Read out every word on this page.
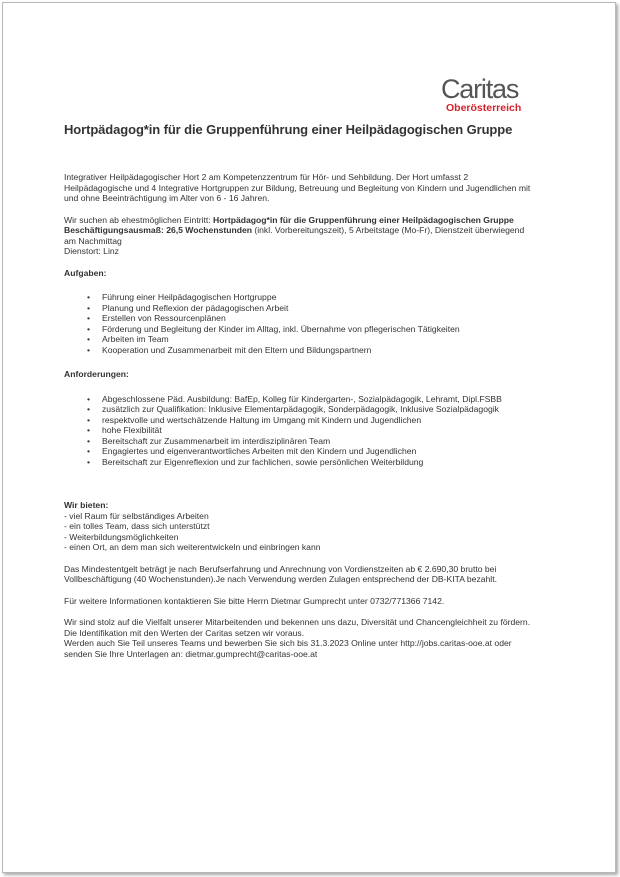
Caritas
Oberösterreich
Hortpädagog*in für die Gruppenführung einer Heilpädagogischen Gruppe

Integrativer Heilpädagogischer Hort 2 am Kompetenzzentrum für Hör- und Sehbildung. Der Hort umfasst 2 Heilpädagogische und 4 Integrative Hortgruppen zur Bildung, Betreuung und Begleitung von Kindern und Jugendlichen mit und ohne Beeinträchtigung im Alter von 6 - 16 Jahren.

Wir suchen ab ehestmöglichen Eintritt: Hortpädagog*in für die Gruppenführung einer Heilpädagogischen Gruppe

Beschäftigungsausmaß: 26,5 Wochenstunden (inkl. Vorbereitungszeit), 5 Arbeitstage (Mo-Fr), Dienstzeit überwiegend am Nachmittag

Dienstort: Linz

Aufgaben:

• Führung einer Heilpädagogischen Hortgruppe
• Planung und Reflexion der pädagogischen Arbeit
• Erstellen von Ressourcenplänen
• Förderung und Begleitung der Kinder im Alltag, inkl. Übernahme von pflegerischen Tätigkeiten
• Arbeiten im Team
• Kooperation und Zusammenarbeit mit den Eltern und Bildungspartnern

Anforderungen:

• Abgeschlossene Päd. Ausbildung: BafEp, Kolleg für Kindergarten-, Sozialpädagogik, Lehramt, Dipl.FSBB
• zusätzlich zur Qualifikation: Inklusive Elementarpädagogik, Sonderpädagogik, Inklusive Sozialpädagogik
• respektvolle und wertschätzende Haltung im Umgang mit Kindern und Jugendlichen
• hohe Flexibilität
• Bereitschaft zur Zusammenarbeit im interdisziplinären Team
• Engagiertes und eigenverantwortliches Arbeiten mit den Kindern und Jugendlichen
• Bereitschaft zur Eigenreflexion und zur fachlichen, sowie persönlichen Weiterbildung

Wir bieten:

- viel Raum für selbständiges Arbeiten

- ein tolles Team, dass sich unterstützt

- Weiterbildungsmöglichkeiten

- einen Ort, an dem man sich weiterentwickeln und einbringen kann

Das Mindestentgelt beträgt je nach Berufserfahrung und Anrechnung von Vordienstzeiten ab € 2.690,30 brutto bei Vollbeschäftigung (40 Wochenstunden).Je nach Verwendung werden Zulagen entsprechend der DB-KITA bezahlt.

Für weitere Informationen kontaktieren Sie bitte Herrn Dietmar Gumprecht unter 0732/771366 7142.

Wir sind stolz auf die Vielfalt unserer Mitarbeitenden und bekennen uns dazu, Diversität und Chancengleichheit zu fördern. Die Identifikation mit den Werten der Caritas setzen wir voraus.

Werden auch Sie Teil unseres Teams und bewerben Sie sich bis 31.3.2023 Online unter http://jobs.caritas-ooe.at oder senden Sie Ihre Unterlagen an: dietmar.gumprecht@caritas-ooe.at
